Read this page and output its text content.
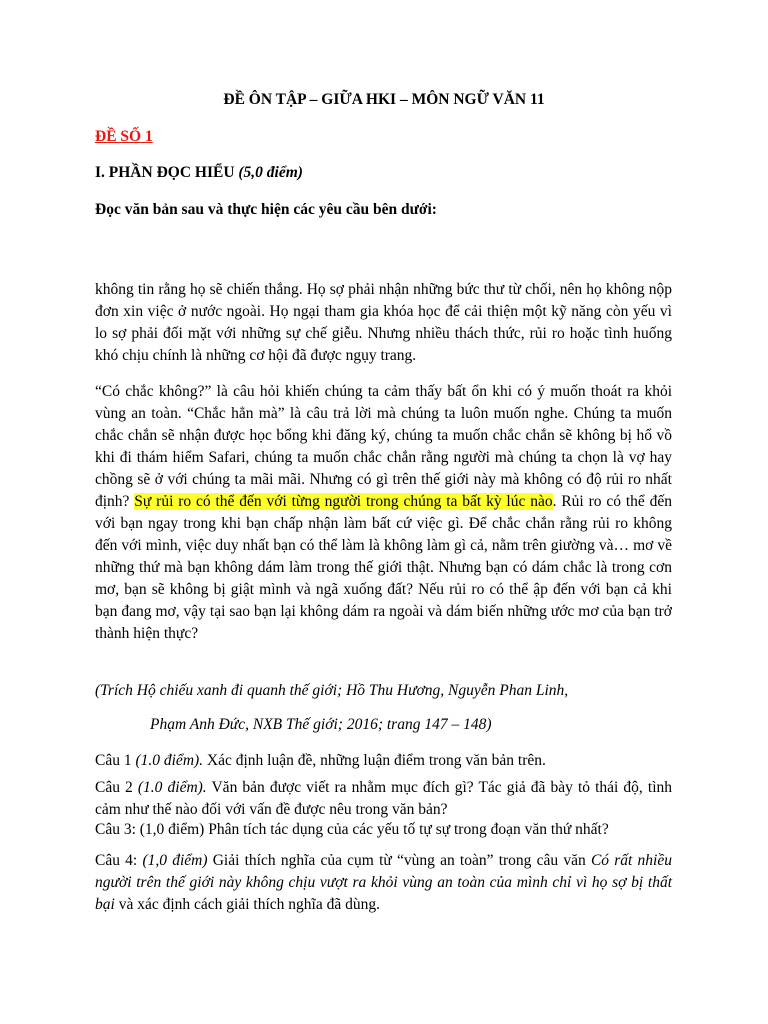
ĐỀ ÔN TẬP – GIỮA HKI – MÔN NGỮ VĂN 11

ĐỀ SỐ 1

I. PHẦN ĐỌC HIỂU (5,0 điểm)

Đọc văn bản sau và thực hiện các yêu cầu bên dưới:

không tin rằng họ sẽ chiến thắng. Họ sợ phải nhận những bức thư từ chối, nên họ không nộp đơn xin việc ở nước ngoài. Họ ngại tham gia khóa học để cải thiện một kỹ năng còn yếu vì lo sợ phải đối mặt với những sự chế giễu. Nhưng nhiều thách thức, rủi ro hoặc tình huống khó chịu chính là những cơ hội đã được ngụy trang.

“Có chắc không?” là câu hỏi khiến chúng ta cảm thấy bất ổn khi có ý muốn thoát ra khỏi vùng an toàn. “Chắc hẳn mà” là câu trả lời mà chúng ta luôn muốn nghe. Chúng ta muốn chắc chắn sẽ nhận được học bổng khi đăng ký, chúng ta muốn chắc chắn sẽ không bị hổ vồ khi đi thám hiểm Safari, chúng ta muốn chắc chắn rằng người mà chúng ta chọn là vợ hay chồng sẽ ở với chúng ta mãi mãi. Nhưng có gì trên thế giới này mà không có độ rủi ro nhất định? Sự rủi ro có thể đến với từng người trong chúng ta bất kỳ lúc nào. Rủi ro có thể đến với bạn ngay trong khi bạn chấp nhận làm bất cứ việc gì. Để chắc chắn rằng rủi ro không đến với mình, việc duy nhất bạn có thể làm là không làm gì cả, nằm trên giường và… mơ về những thứ mà bạn không dám làm trong thế giới thật. Nhưng bạn có dám chắc là trong cơn mơ, bạn sẽ không bị giật mình và ngã xuống đất? Nếu rủi ro có thể ập đến với bạn cả khi bạn đang mơ, vậy tại sao bạn lại không dám ra ngoài và dám biến những ước mơ của bạn trở thành hiện thực?

(Trích Hộ chiếu xanh đi quanh thế giới; Hồ Thu Hương, Nguyễn Phan Linh,

Phạm Anh Đức, NXB Thế giới; 2016; trang 147 – 148)

Câu 1 (1.0 điểm). Xác định luận đề, những luận điểm trong văn bản trên.

Câu 2 (1.0 điểm). Văn bản được viết ra nhằm mục đích gì? Tác giả đã bày tỏ thái độ, tình cảm như thế nào đối với vấn đề được nêu trong văn bản?

Câu 3: (1,0 điểm) Phân tích tác dụng của các yếu tố tự sự trong đoạn văn thứ nhất?

Câu 4: (1,0 điểm) Giải thích nghĩa của cụm từ “vùng an toàn” trong câu văn Có rất nhiều người trên thế giới này không chịu vượt ra khỏi vùng an toàn của mình chỉ vì họ sợ bị thất bại và xác định cách giải thích nghĩa đã dùng.
